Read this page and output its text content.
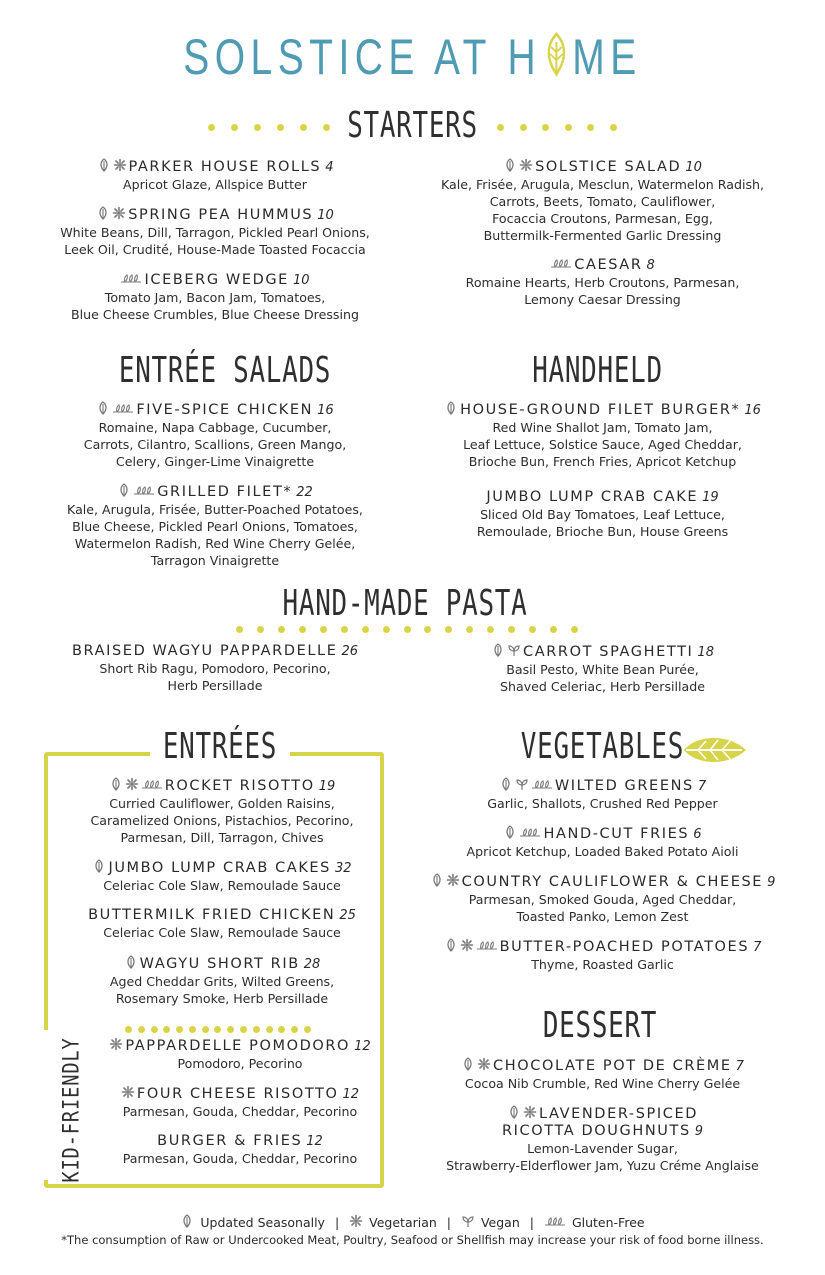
SOLSTICE AT H ME
STARTERS
PARKER HOUSE ROLLS 4
Apricot Glaze, Allspice Butter
SPRING PEA HUMMUS 10
White Beans, Dill, Tarragon, Pickled Pearl Onions,
Leek Oil, Crudité, House-Made Toasted Focaccia
ICEBERG WEDGE 10
Tomato Jam, Bacon Jam, Tomatoes,
Blue Cheese Crumbles, Blue Cheese Dressing
SOLSTICE SALAD 10
Kale, Frisée, Arugula, Mesclun, Watermelon Radish,
Carrots, Beets, Tomato, Cauliflower,
Focaccia Croutons, Parmesan, Egg,
Buttermilk-Fermented Garlic Dressing
CAESAR 8
Romaine Hearts, Herb Croutons, Parmesan,
Lemony Caesar Dressing
ENTRÉE SALADS	HANDHELD
FIVE-SPICE CHICKEN 16
Romaine, Napa Cabbage, Cucumber,
Carrots, Cilantro, Scallions, Green Mango,
Celery, Ginger-Lime Vinaigrette
GRILLED FILET* 22
Kale, Arugula, Frisée, Butter-Poached Potatoes,
Blue Cheese, Pickled Pearl Onions, Tomatoes,
Watermelon Radish, Red Wine Cherry Gelée,
Tarragon Vinaigrette
HOUSE-GROUND FILET BURGER* 16
Red Wine Shallot Jam, Tomato Jam,
Leaf Lettuce, Solstice Sauce, Aged Cheddar,
Brioche Bun, French Fries, Apricot Ketchup
JUMBO LUMP CRAB CAKE 19
Sliced Old Bay Tomatoes, Leaf Lettuce,
Remoulade, Brioche Bun, House Greens
HAND-MADE PASTA
BRAISED WAGYU PAPPARDELLE 26
Short Rib Ragu, Pomodoro, Pecorino,
Herb Persillade
CARROT SPAGHETTI 18
Basil Pesto, White Bean Purée,
Shaved Celeriac, Herb Persillade
ENTRÉES
ROCKET RISOTTO 19
Curried Cauliflower, Golden Raisins,
Caramelized Onions, Pistachios, Pecorino,
Parmesan, Dill, Tarragon, Chives
JUMBO LUMP CRAB CAKES 32
Celeriac Cole Slaw, Remoulade Sauce
BUTTERMILK FRIED CHICKEN 25
Celeriac Cole Slaw, Remoulade Sauce
WAGYU SHORT RIB 28
Aged Cheddar Grits, Wilted Greens,
Rosemary Smoke, Herb Persillade
KID-FRIENDLY	PAPPARDELLE POMODORO 12
Pomodoro, Pecorino
FOUR CHEESE RISOTTO 12
Parmesan, Gouda, Cheddar, Pecorino
BURGER & FRIES 12
Parmesan, Gouda, Cheddar, Pecorino
VEGETABLES
WILTED GREENS 7
Garlic, Shallots, Crushed Red Pepper
HAND-CUT FRIES 6
Apricot Ketchup, Loaded Baked Potato Aioli
COUNTRY CAULIFLOWER & CHEESE 9
Parmesan, Smoked Gouda, Aged Cheddar,
Toasted Panko, Lemon Zest
BUTTER-POACHED POTATOES 7
Thyme, Roasted Garlic
DESSERT
CHOCOLATE POT DE CRÈME 7
Cocoa Nib Crumble, Red Wine Cherry Gelée
LAVENDER-SPICED
RICOTTA DOUGHNUTS 9
Lemon-Lavender Sugar,
Strawberry-Elderflower Jam, Yuzu Créme Anglaise
Updated Seasonally | Vegetarian | Vegan |	Gluten-Free
*The consumption of Raw or Undercooked Meat, Poultry, Seafood or Shellfish may increase your risk of food borne illness.
